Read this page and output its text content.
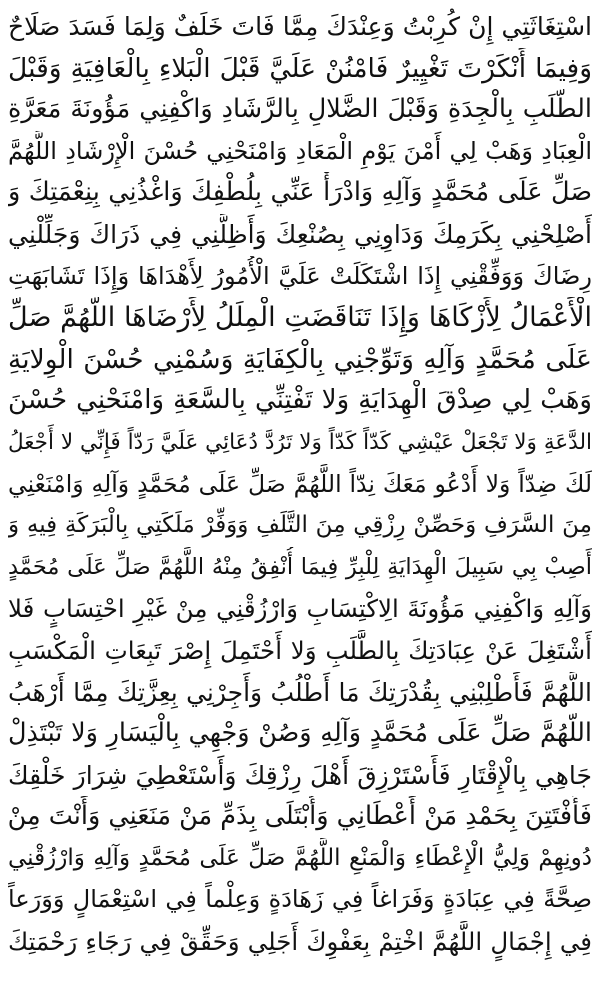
اسْتِغَاثَتِي إِنْ كُرِبْتُ وَعِنْدَكَ مِمَّا فَاتَ خَلَفٌ وَلِمَا فَسَدَ صَلَاحٌ
وَفِيمَا أَنْكَرْتَ تَغْيِيرٌ فَامْنُنْ عَلَيَّ قَبْلَ الْبَلاءِ بِالْعَافِيَةِ وَقَبْلَ
الطَّلَبِ بِالْجِدَةِ وَقَبْلَ الضَّلالِ بِالرَّشَادِ وَاكْفِنِي مَؤُونَةَ مَعَرَّةِ
الْعِبَادِ وَهَبْ لِي أَمْنَ يَوْمِ الْمَعَادِ وَامْنَحْنِي حُسْنَ الْإِرْشَادِ اللَّهُمَّ
صَلِّ عَلَى مُحَمَّدٍ وَآلِهِ وَادْرَأْ عَنِّي بِلُطْفِكَ وَاغْذُنِي بِنِعْمَتِكَ وَ
أَصْلِحْنِي بِكَرَمِكَ وَدَاوِنِي بِصُنْعِكَ وَأَظِلَّنِي فِي ذَرَاكَ وَجَلِّلْنِي
رِضَاكَ وَوَفِّقْنِي إِذَا اشْتَكَلَتْ عَلَيَّ الْأُمُورُ لِأَهْدَاهَا وَإِذَا تَشَابَهَتِ
الْأَعْمَالُ لِأَزْكَاهَا وَإِذَا تَنَاقَضَتِ الْمِلَلُ لِأَرْضَاهَا اللَّهُمَّ صَلِّ
عَلَى مُحَمَّدٍ وَآلِهِ وَتَوِّجْنِي بِالْكِفَايَةِ وَسُمْنِي حُسْنَ الْوِلايَةِ
وَهَبْ لِي صِدْقَ الْهِدَايَةِ وَلا تَفْتِنِّي بِالسَّعَةِ وَامْنَحْنِي حُسْنَ
الدَّعَةِ وَلا تَجْعَلْ عَيْشِي كَدّاً كَدّاً وَلا تَرُدَّ دُعَائِي عَلَيَّ رَدّاً فَإِنِّي لا أَجْعَلُ
لَكَ ضِدّاً وَلا أَدْعُو مَعَكَ نِدّاً اللَّهُمَّ صَلِّ عَلَى مُحَمَّدٍ وَآلِهِ وَامْنَعْنِي
مِنَ السَّرَفِ وَحَصِّنْ رِزْقِي مِنَ التَّلَفِ وَوَفِّرْ مَلَكَتِي بِالْبَرَكَةِ فِيهِ وَ
أَصِبْ بِي سَبِيلَ الْهِدَايَةِ لِلْبِرِّ فِيمَا أُنْفِقُ مِنْهُ اللَّهُمَّ صَلِّ عَلَى مُحَمَّدٍ
وَآلِهِ وَاكْفِنِي مَؤُونَةَ الِاكْتِسَابِ وَارْزُقْنِي مِنْ غَيْرِ احْتِسَابٍ فَلا
أَشْتَغِلَ عَنْ عِبَادَتِكَ بِالطَّلَبِ وَلا أَحْتَمِلَ إِصْرَ تَبِعَاتِ الْمَكْسَبِ
اللَّهُمَّ فَأَطْلِبْنِي بِقُدْرَتِكَ مَا أَطْلُبُ وَأَجِرْنِي بِعِزَّتِكَ مِمَّا أَرْهَبُ
اللَّهُمَّ صَلِّ عَلَى مُحَمَّدٍ وَآلِهِ وَصُنْ وَجْهِي بِالْيَسَارِ وَلا تَبْتَذِلْ
جَاهِي بِالْإِقْتَارِ فَأَسْتَرْزِقَ أَهْلَ رِزْقِكَ وَأَسْتَعْطِيَ شِرَارَ خَلْقِكَ
فَأَفْتَتِنَ بِحَمْدِ مَنْ أَعْطَانِي وَأُبْتَلَى بِذَمِّ مَنْ مَنَعَنِي وَأَنْتَ مِنْ
دُونِهِمْ وَلِيُّ الْإِعْطَاءِ وَالْمَنْعِ اللَّهُمَّ صَلِّ عَلَى مُحَمَّدٍ وَآلِهِ وَارْزُقْنِي
صِحَّةً فِي عِبَادَةٍ وَفَرَاغاً فِي زَهَادَةٍ وَعِلْماً فِي اسْتِعْمَالٍ وَوَرَعاً
فِي إِجْمَالٍ اللَّهُمَّ اخْتِمْ بِعَفْوِكَ أَجَلِي وَحَقِّقْ فِي رَجَاءِ رَحْمَتِكَ
